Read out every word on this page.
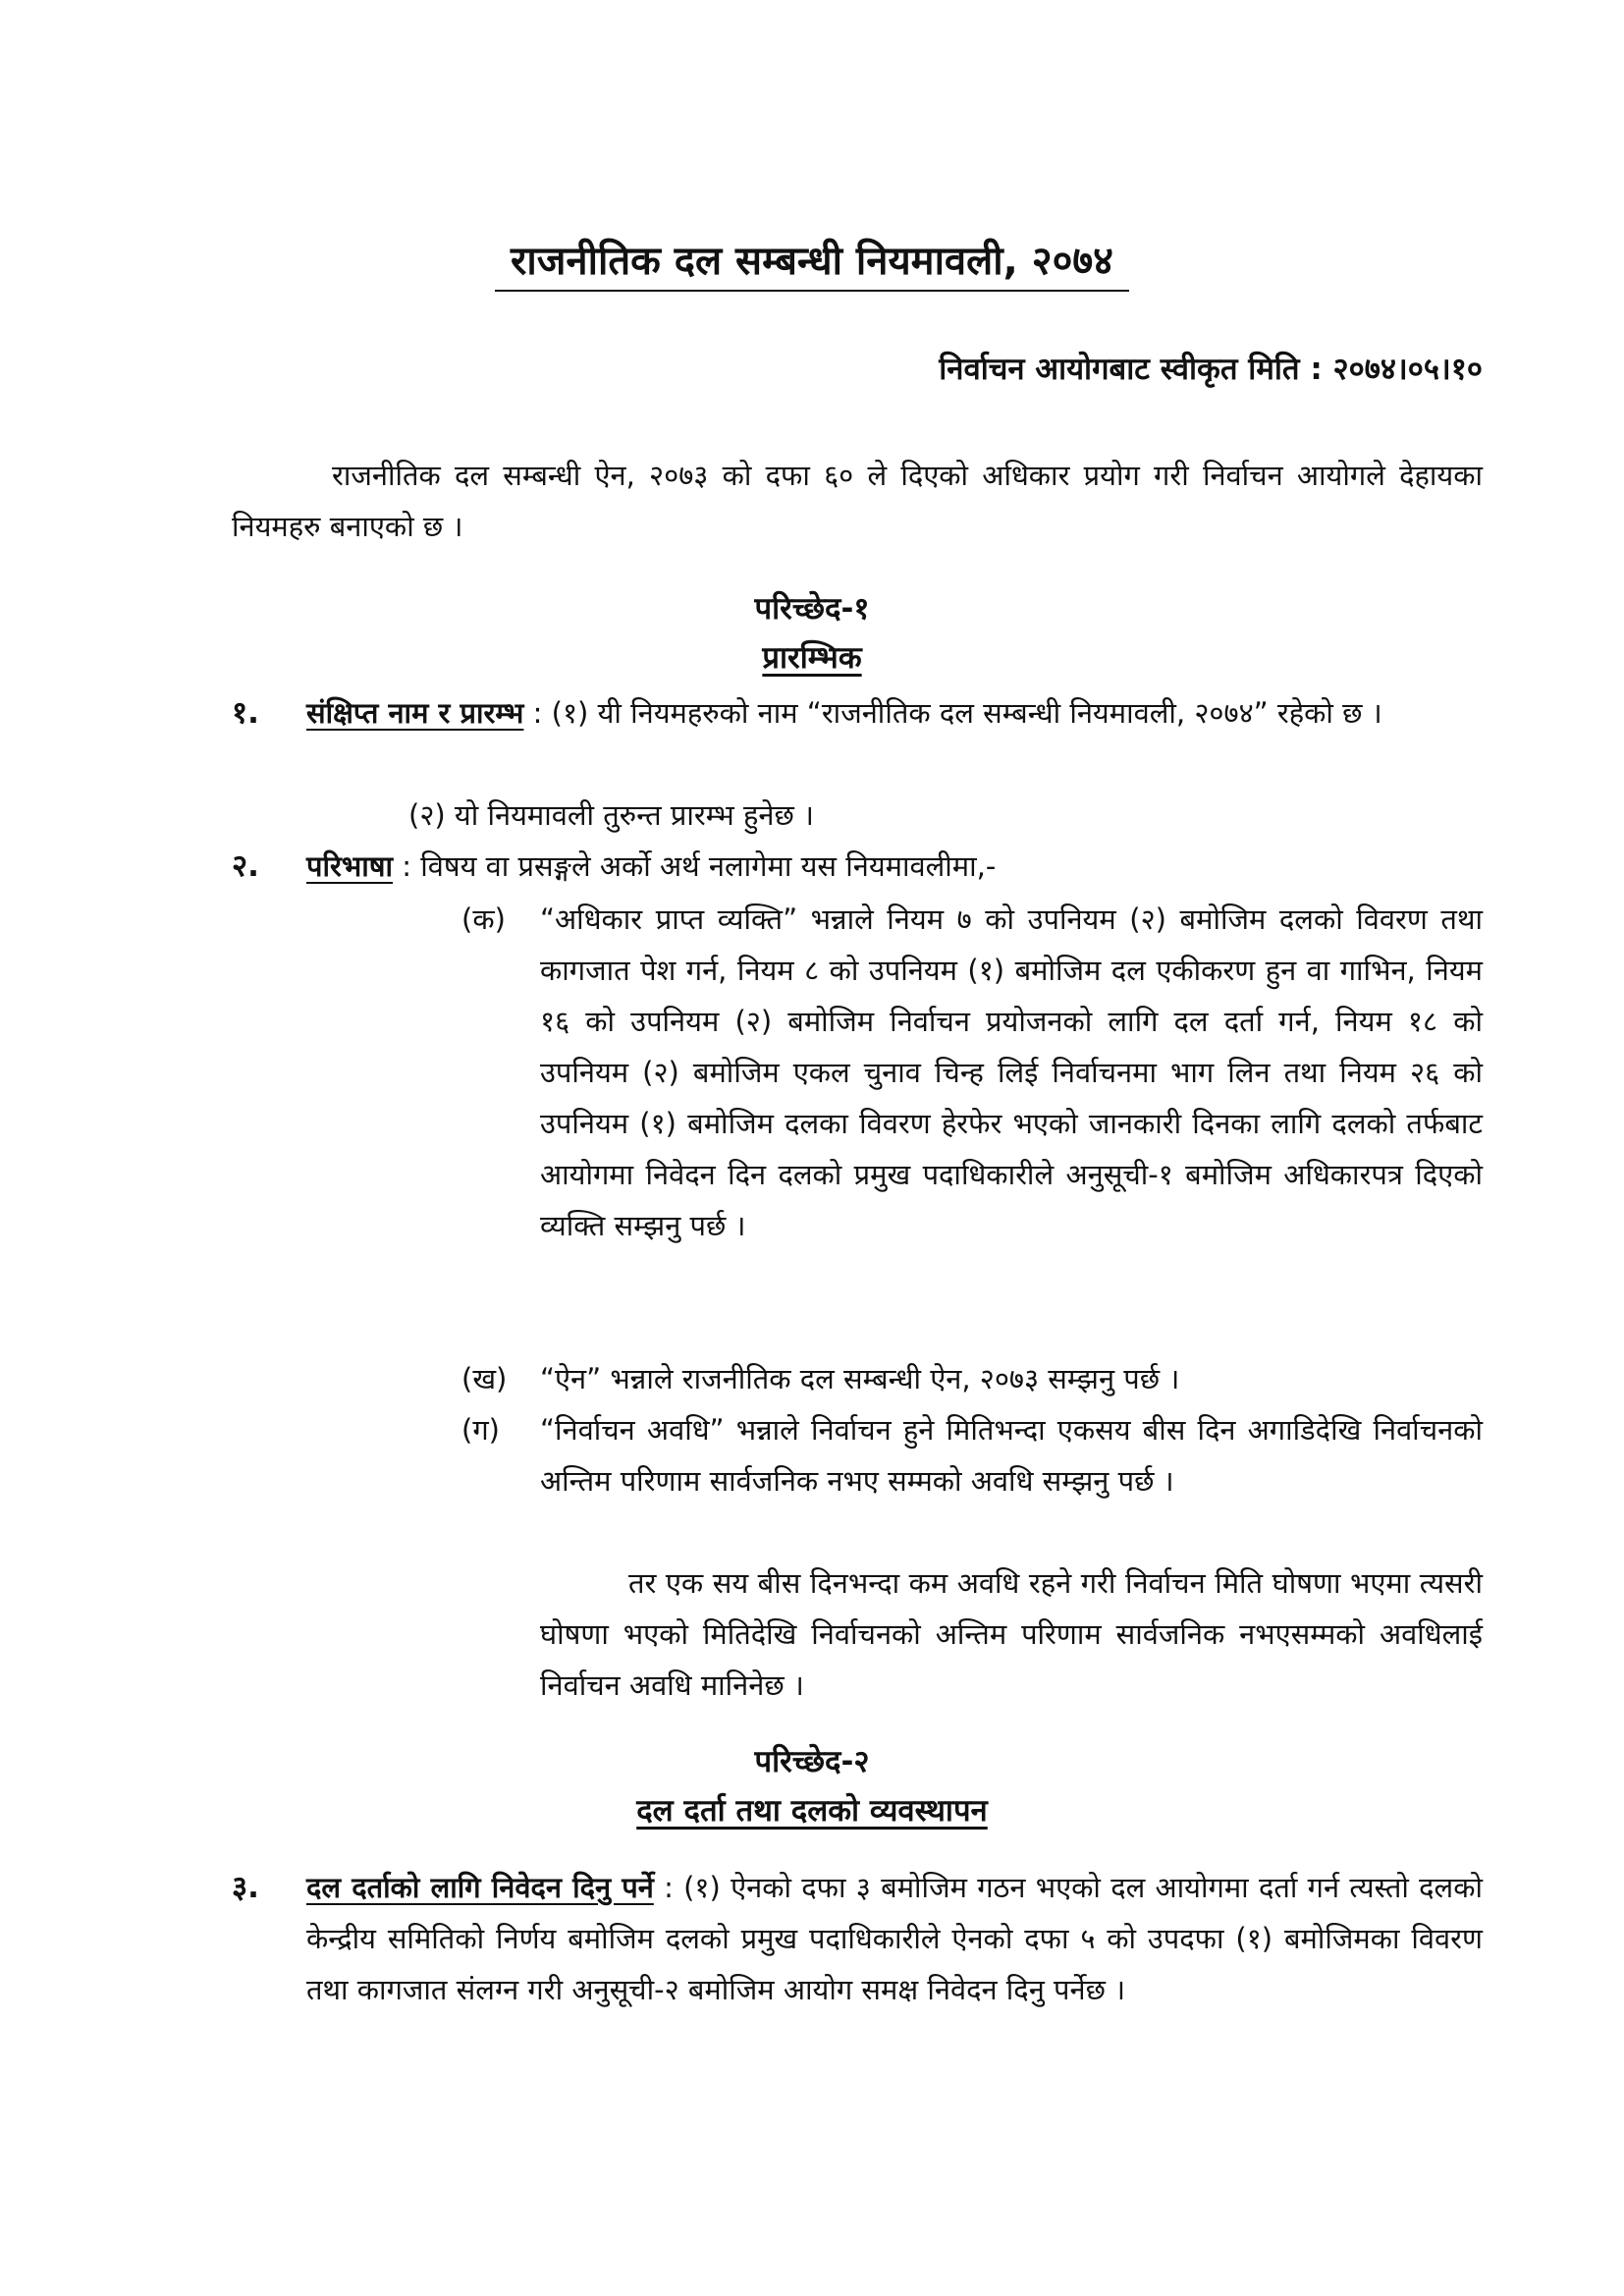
राजनीतिक दल सम्बन्धी नियमावली, २०७४
निर्वाचन आयोगबाट स्वीकृत मिति : २०७४।०५।१०
राजनीतिक दल सम्बन्धी ऐन, २०७३ को दफा ६० ले दिएको अधिकार प्रयोग गरी निर्वाचन आयोगले देहायका नियमहरु बनाएको छ ।
परिच्छेद-१
प्रारम्भिक
१. संक्षिप्त नाम र प्रारम्भ : (१) यी नियमहरुको नाम “राजनीतिक दल सम्बन्धी नियमावली, २०७४” रहेको छ ।
(२) यो नियमावली तुरुन्त प्रारम्भ हुनेछ ।
२. परिभाषा : विषय वा प्रसङ्गले अर्को अर्थ नलागेमा यस नियमावलीमा,-
(क) “अधिकार प्राप्त व्यक्ति” भन्नाले नियम ७ को उपनियम (२) बमोजिम दलको विवरण तथा कागजात पेश गर्न, नियम ८ को उपनियम (१) बमोजिम दल एकीकरण हुन वा गाभिन, नियम १६ को उपनियम (२) बमोजिम निर्वाचन प्रयोजनको लागि दल दर्ता गर्न, नियम १८ को उपनियम (२) बमोजिम एकल चुनाव चिन्ह लिई निर्वाचनमा भाग लिन तथा नियम २६ को उपनियम (१) बमोजिम दलका विवरण हेरफेर भएको जानकारी दिनका लागि दलको तर्फबाट आयोगमा निवेदन दिन दलको प्रमुख पदाधिकारीले अनुसूची-१ बमोजिम अधिकारपत्र दिएको व्यक्ति सम्झनु पर्छ ।
(ख) “ऐन” भन्नाले राजनीतिक दल सम्बन्धी ऐन, २०७३ सम्झनु पर्छ ।
(ग) “निर्वाचन अवधि” भन्नाले निर्वाचन हुने मितिभन्दा एकसय बीस दिन अगाडिदेखि निर्वाचनको अन्तिम परिणाम सार्वजनिक नभए सम्मको अवधि सम्झनु पर्छ ।
तर एक सय बीस दिनभन्दा कम अवधि रहने गरी निर्वाचन मिति घोषणा भएमा त्यसरी घोषणा भएको मितिदेखि निर्वाचनको अन्तिम परिणाम सार्वजनिक नभएसम्मको अवधिलाई निर्वाचन अवधि मानिनेछ ।
परिच्छेद-२
दल दर्ता तथा दलको व्यवस्थापन
३. दल दर्ताको लागि निवेदन दिनु पर्ने : (१) ऐनको दफा ३ बमोजिम गठन भएको दल आयोगमा दर्ता गर्न त्यस्तो दलको केन्द्रीय समितिको निर्णय बमोजिम दलको प्रमुख पदाधिकारीले ऐनको दफा ५ को उपदफा (१) बमोजिमका विवरण तथा कागजात संलग्न गरी अनुसूची-२ बमोजिम आयोग समक्ष निवेदन दिनु पर्नेछ ।
